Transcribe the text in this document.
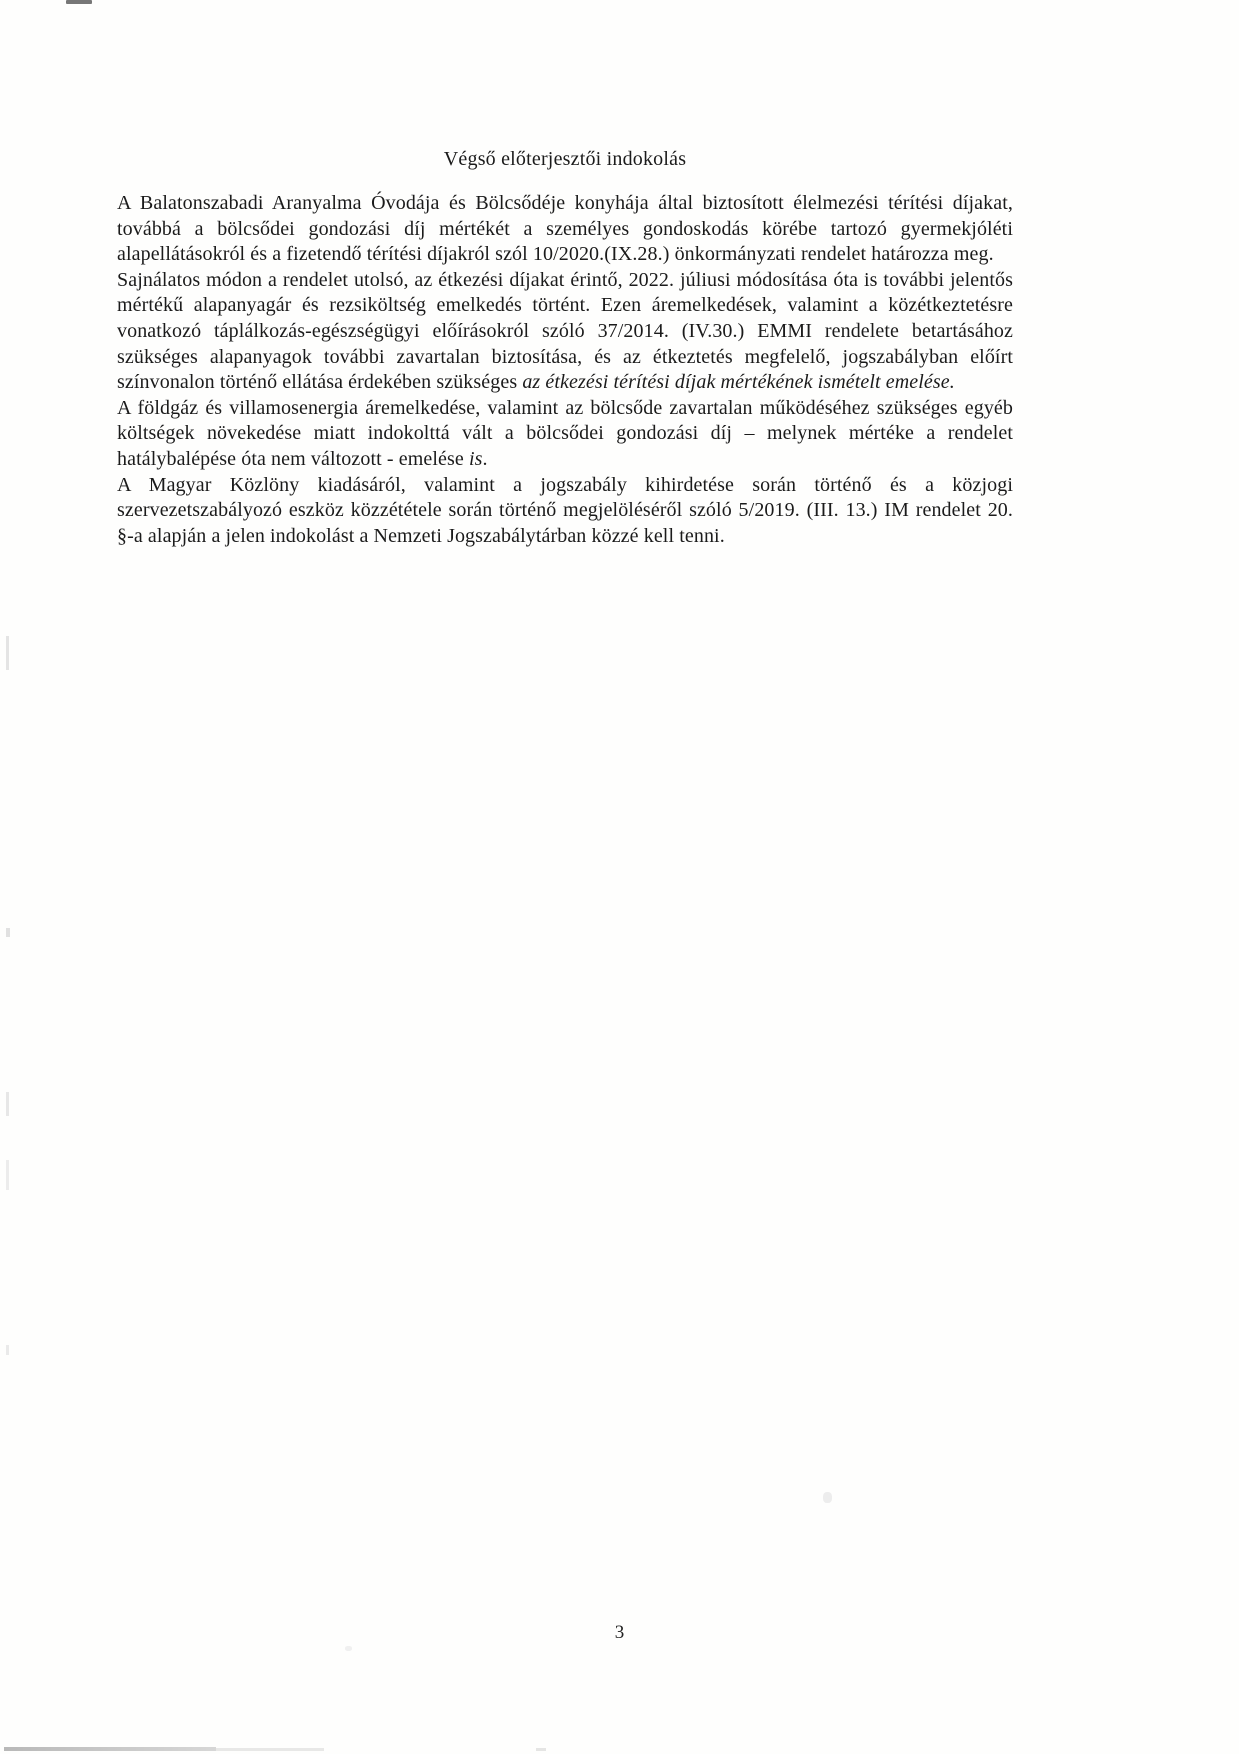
Végső előterjesztői indokolás

A Balatonszabadi Aranyalma Óvodája és Bölcsődéje konyhája által biztosított élelmezési térítési díjakat, továbbá a bölcsődei gondozási díj mértékét a személyes gondoskodás körébe tartozó gyermekjóléti alapellátásokról és a fizetendő térítési díjakról szól 10/2020.(IX.28.) önkormányzati rendelet határozza meg.

Sajnálatos módon a rendelet utolsó, az étkezési díjakat érintő, 2022. júliusi módosítása óta is további jelentős mértékű alapanyagár és rezsiköltség emelkedés történt. Ezen áremelkedések, valamint a közétkeztetésre vonatkozó táplálkozás-egészségügyi előírásokról szóló 37/2014. (IV.30.) EMMI rendelete betartásához szükséges alapanyagok további zavartalan biztosítása, és az étkeztetés megfelelő, jogszabályban előírt színvonalon történő ellátása érdekében szükséges az étkezési térítési díjak mértékének ismételt emelése.

A földgáz és villamosenergia áremelkedése, valamint az bölcsőde zavartalan működéséhez szükséges egyéb költségek növekedése miatt indokolttá vált a bölcsődei gondozási díj – melynek mértéke a rendelet hatálybalépése óta nem változott - emelése is.

A Magyar Közlöny kiadásáról, valamint a jogszabály kihirdetése során történő és a közjogi szervezetszabályozó eszköz közzététele során történő megjelöléséről szóló 5/2019. (III. 13.) IM rendelet 20. §-a alapján a jelen indokolást a Nemzeti Jogszabálytárban közzé kell tenni.

3
